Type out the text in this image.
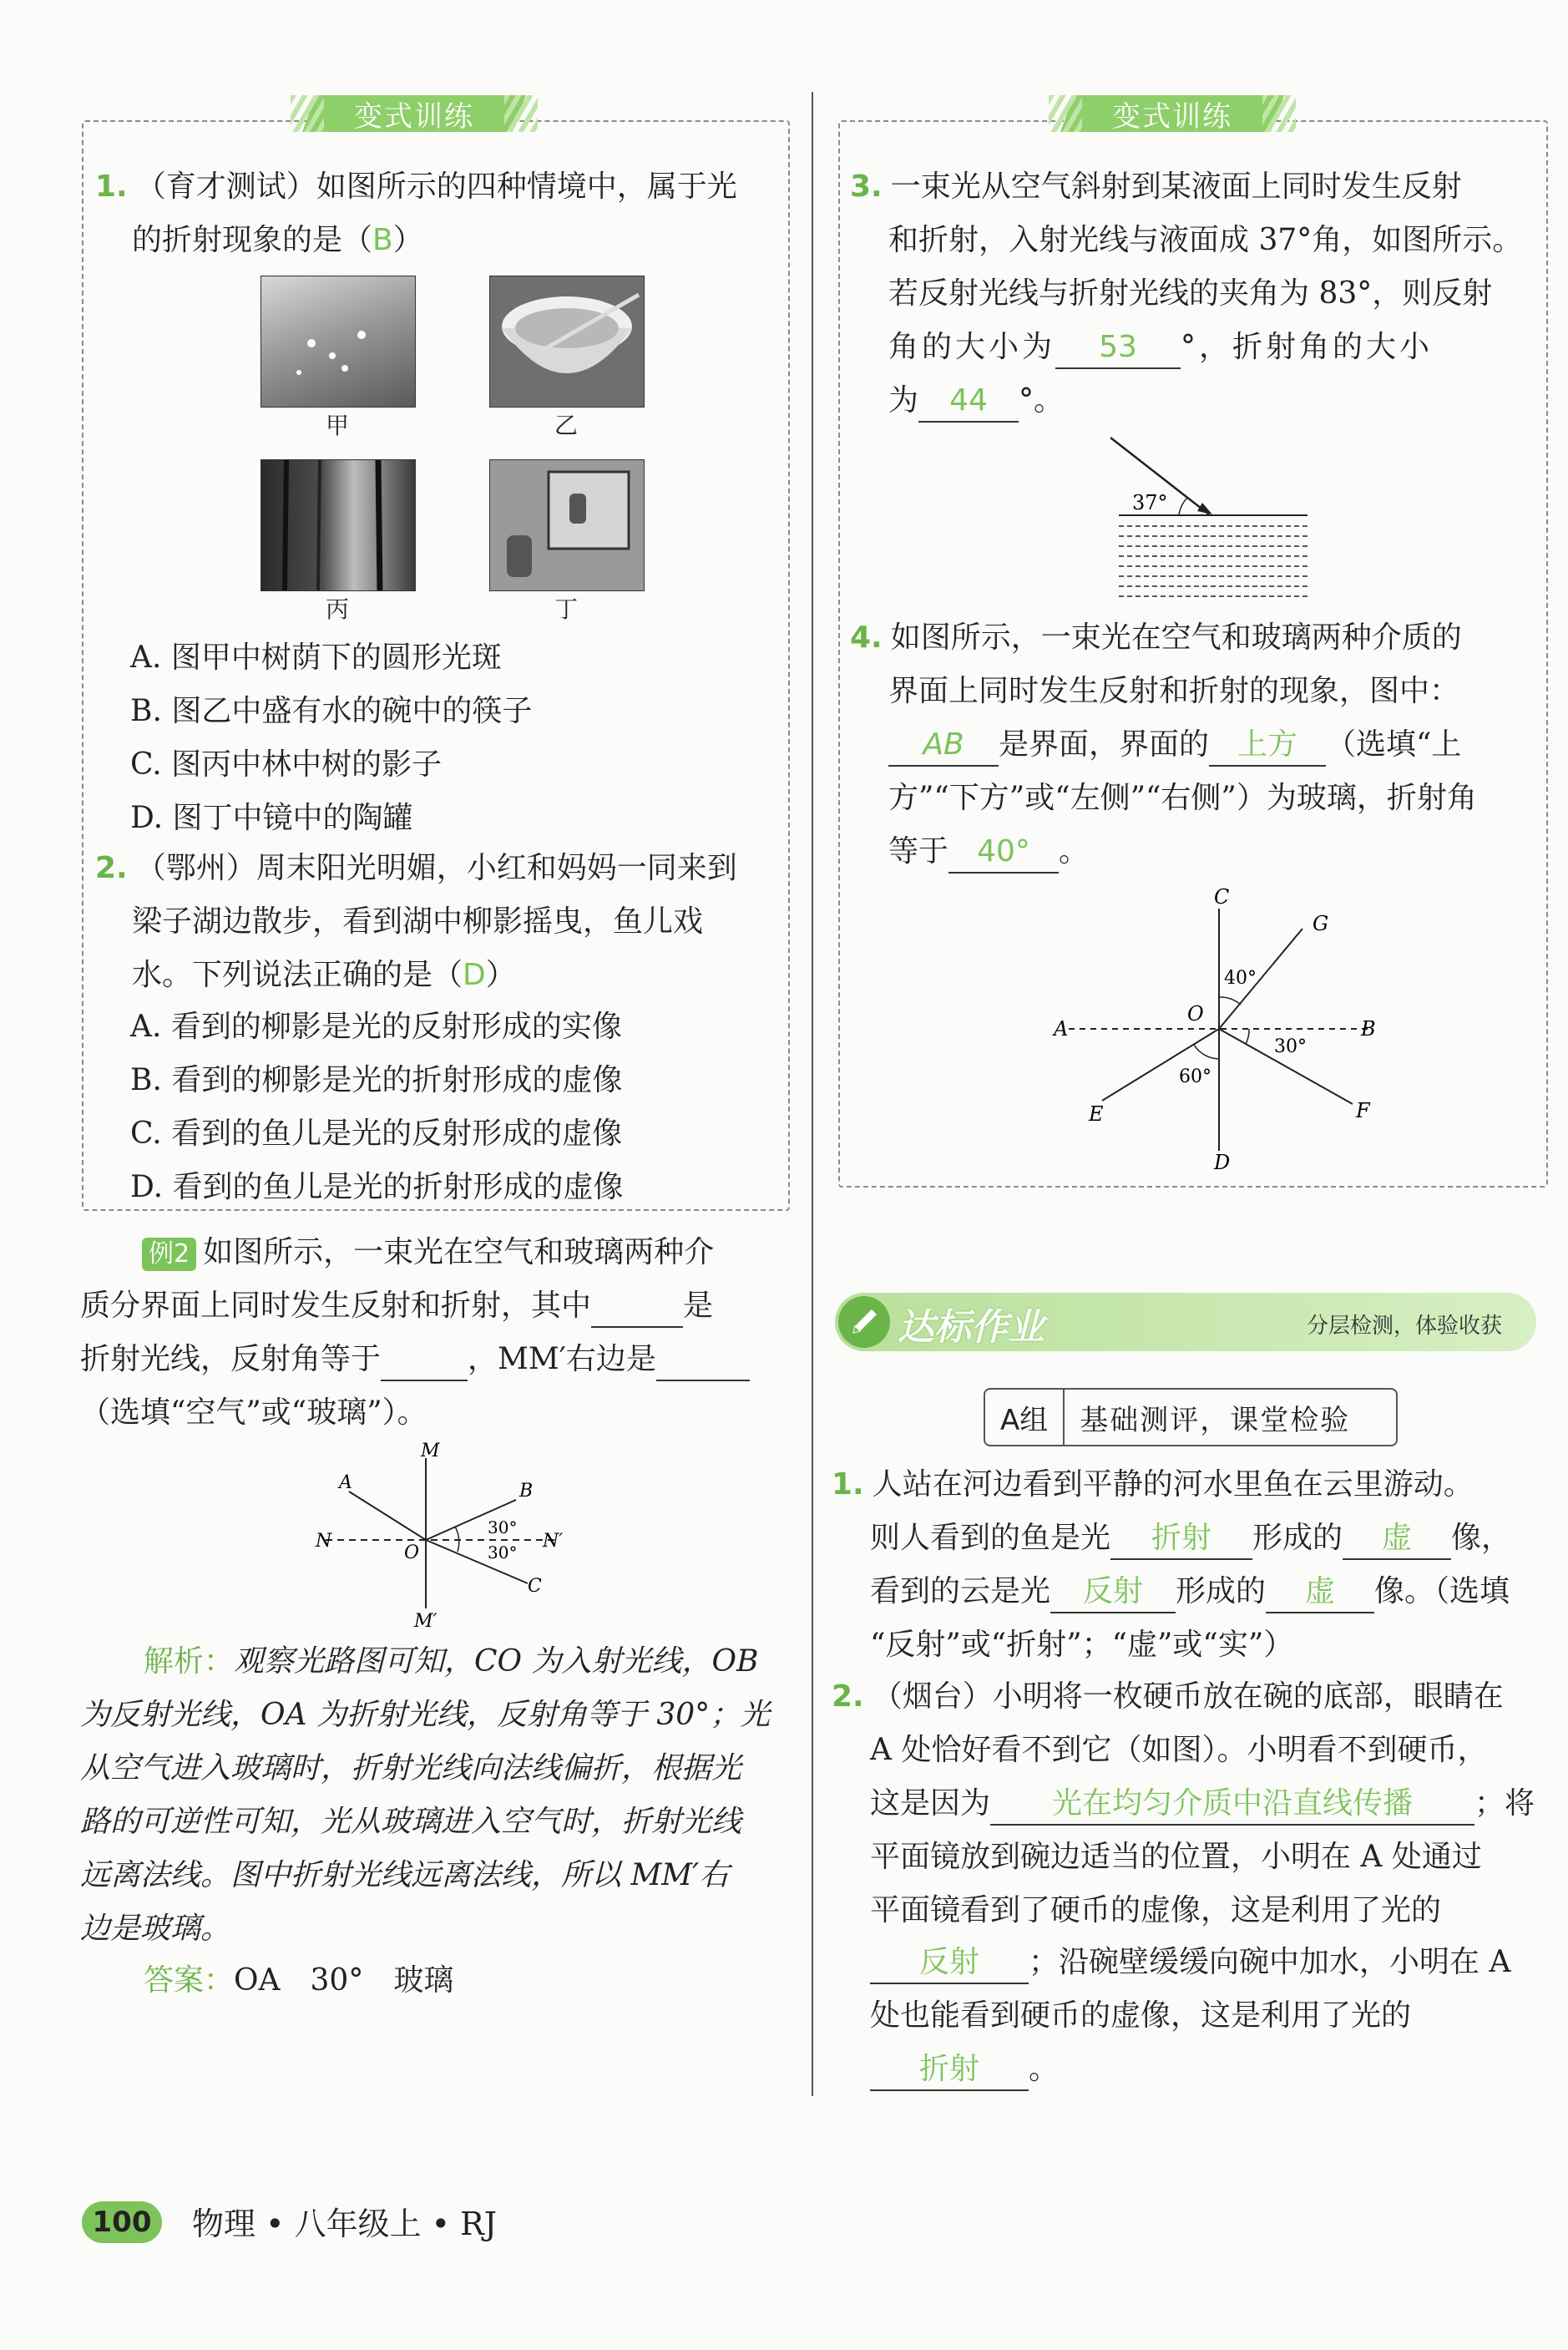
变式训练
1. （育才测试）如图所示的四种情境中，属于光
的折射现象的是（B）
甲	乙
丙	丁
A. 图甲中树荫下的圆形光斑
B. 图乙中盛有水的碗中的筷子
C. 图丙中林中树的影子
D. 图丁中镜中的陶罐
2. （鄂州）周末阳光明媚，小红和妈妈一同来到
梁子湖边散步，看到湖中柳影摇曳，鱼儿戏
水。下列说法正确的是（D）
A. 看到的柳影是光的反射形成的实像
B. 看到的柳影是光的折射形成的虚像
C. 看到的鱼儿是光的反射形成的虚像
D. 看到的鱼儿是光的折射形成的虚像
例2 如图所示，一束光在空气和玻璃两种介
质分界面上同时发生反射和折射，其中	是
折射光线，反射角等于	，MM′右边是
（选填“空气”或“玻璃”）。
M
M′
N	N′
A	B
C
O
30°
30°
解析：观察光路图可知，CO 为入射光线，OB
为反射光线，OA 为折射光线，反射角等于 30°；光
从空气进入玻璃时，折射光线向法线偏折，根据光
路的可逆性可知，光从玻璃进入空气时，折射光线
远离法线。图中折射光线远离法线，所以 MM′右
边是玻璃。
答案：OA　30°　玻璃
变式训练
3. 一束光从空气斜射到某液面上同时发生反射
和折射，入射光线与液面成 37°角，如图所示。
若反射光线与折射光线的夹角为 83°，则反射
角的大小为 53 °，折射角的大小
为 44 °。
37°
4. 如图所示，一束光在空气和玻璃两种介质的
界面上同时发生反射和折射的现象，图中：
AB 是界面，界面的 上方 （选填“上
方”“下方”或“左侧”“右侧”）为玻璃，折射角
等于 40° 。
C
D
A	B
G
F
E
O
40°
30°
60°
达标作业	分层检测，体验收获
A组	基础测评，课堂检验
1. 人站在河边看到平静的河水里鱼在云里游动。
则人看到的鱼是光 折射 形成的 虚 像，
看到的云是光 反射 形成的 虚 像。（选填
“反射”或“折射”；“虚”或“实”）
2. （烟台）小明将一枚硬币放在碗的底部，眼睛在
A 处恰好看不到它（如图）。小明看不到硬币，
这是因为 光在均匀介质中沿直线传播 ；将
平面镜放到碗边适当的位置，小明在 A 处通过
平面镜看到了硬币的虚像，这是利用了光的
反射 ；沿碗壁缓缓向碗中加水，小明在 A
处也能看到硬币的虚像，这是利用了光的
折射 。
100	物理 • 八年级上 • RJ
